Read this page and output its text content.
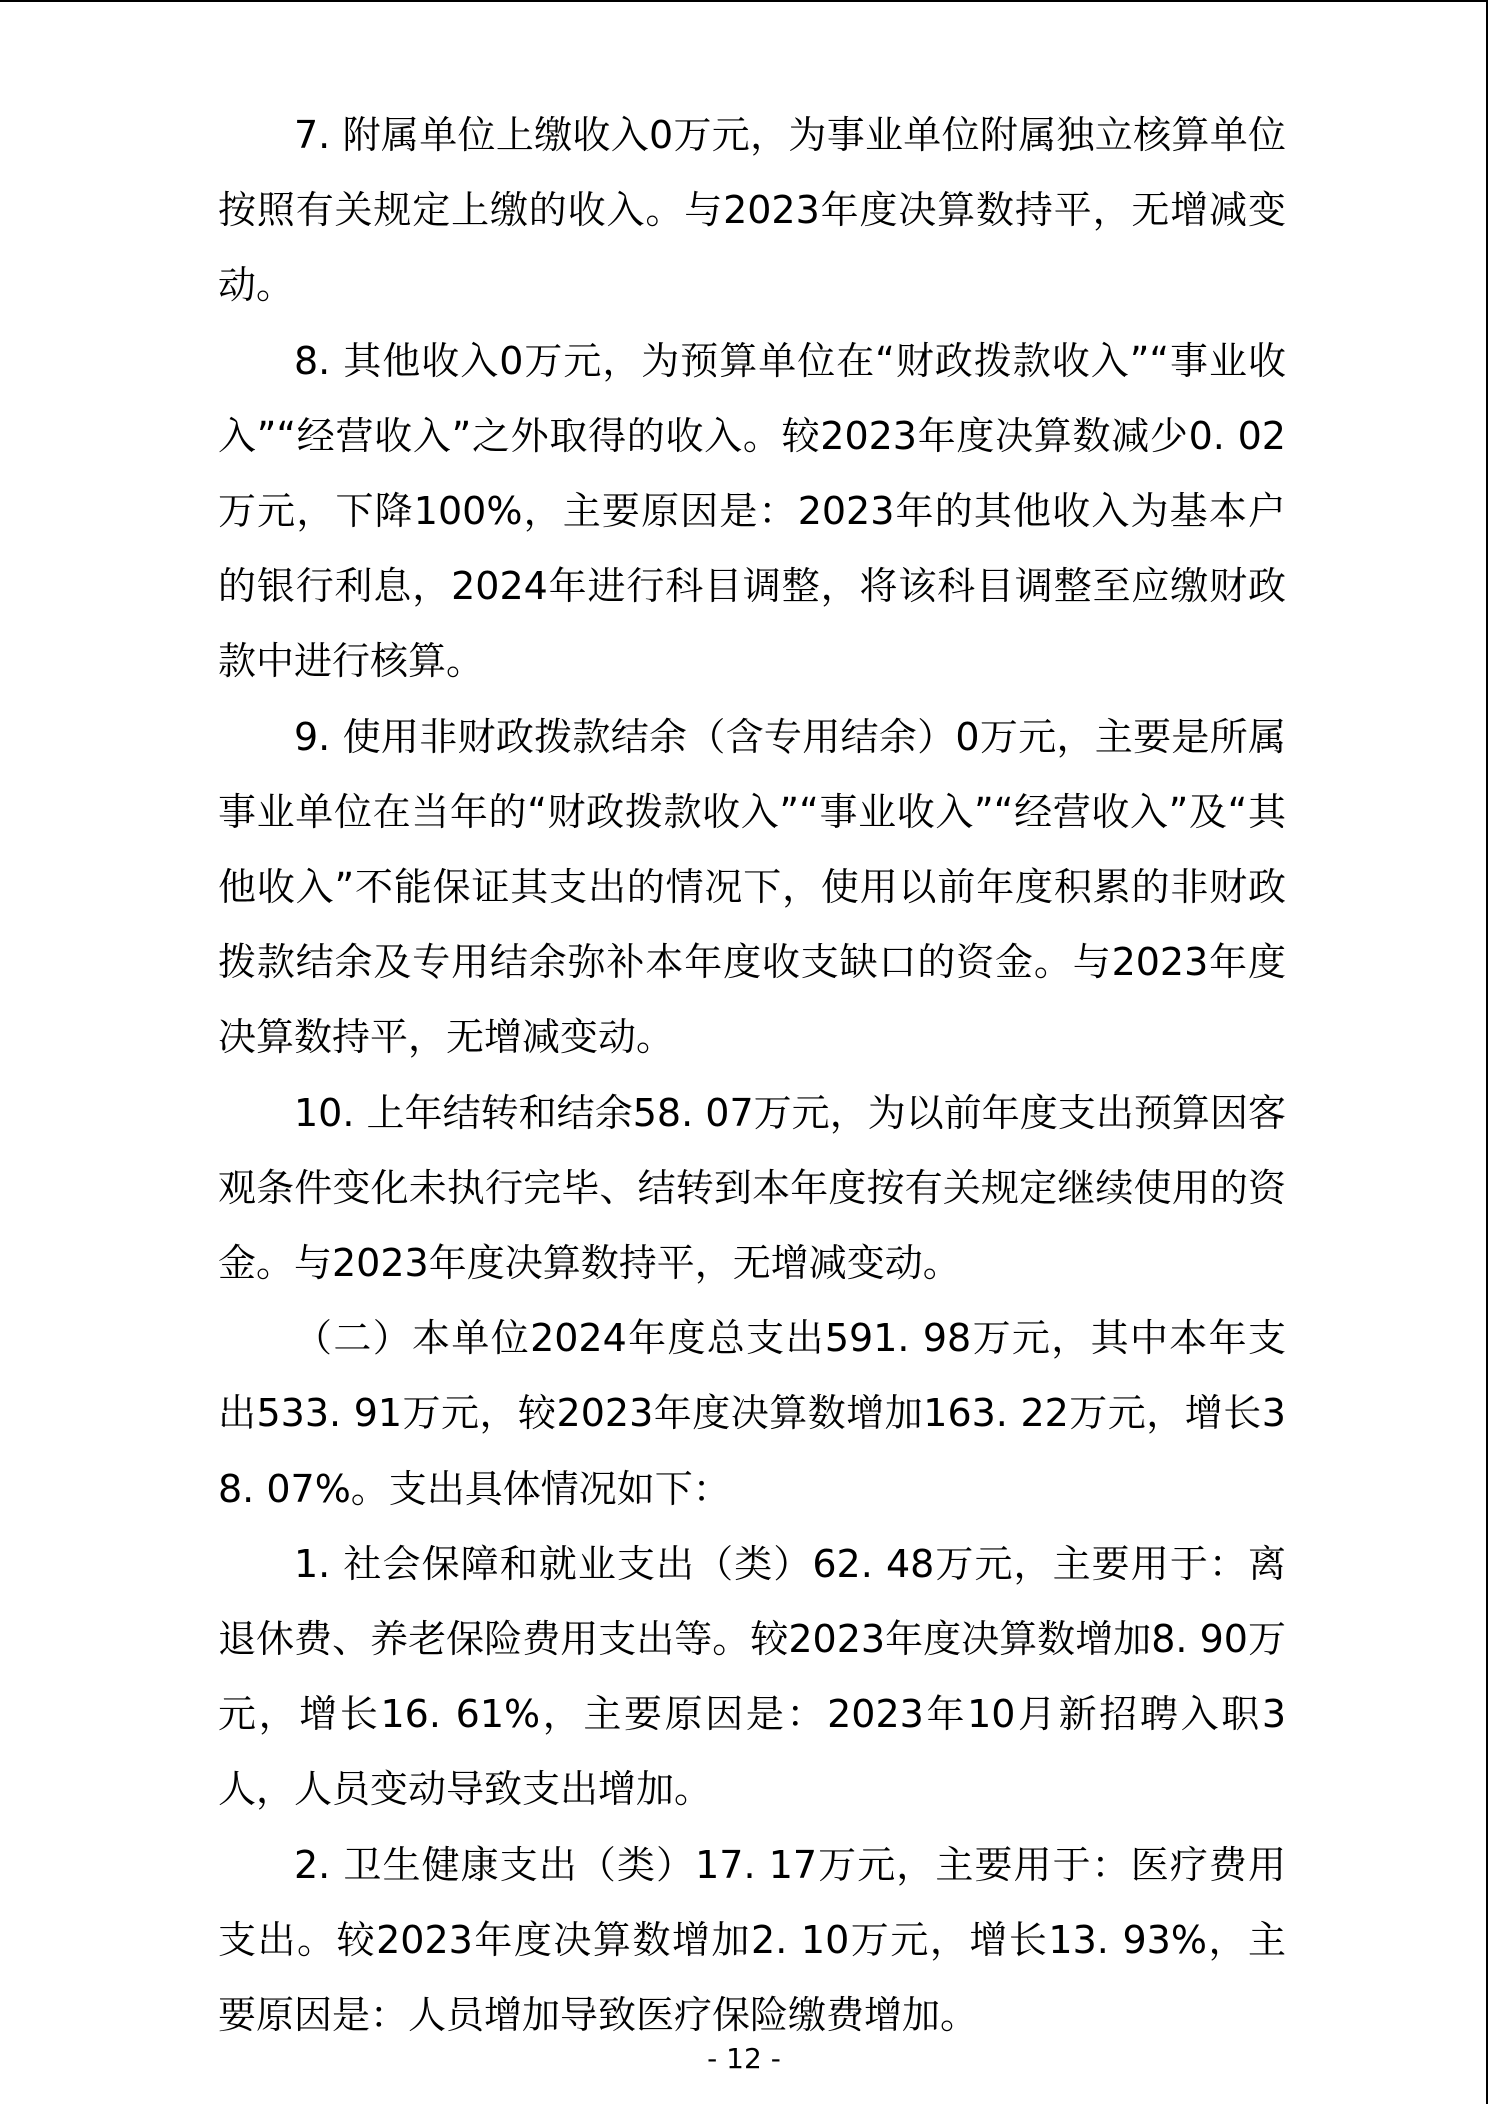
7. 附属单位上缴收入0万元，为事业单位附属独立核算单位按照有关规定上缴的收入。与2023年度决算数持平，无增减变动。

8. 其他收入0万元，为预算单位在“财政拨款收入”“事业收入”“经营收入”之外取得的收入。较2023年度决算数减少0. 02万元，下降100%，主要原因是：2023年的其他收入为基本户的银行利息，2024年进行科目调整，将该科目调整至应缴财政款中进行核算。

9. 使用非财政拨款结余（含专用结余）0万元，主要是所属事业单位在当年的“财政拨款收入”“事业收入”“经营收入”及“其他收入”不能保证其支出的情况下，使用以前年度积累的非财政拨款结余及专用结余弥补本年度收支缺口的资金。与2023年度决算数持平，无增减变动。

10. 上年结转和结余58. 07万元，为以前年度支出预算因客观条件变化未执行完毕、结转到本年度按有关规定继续使用的资金。与2023年度决算数持平，无增减变动。

（二）本单位2024年度总支出591. 98万元，其中本年支出533. 91万元，较2023年度决算数增加163. 22万元，增长38. 07%。支出具体情况如下：

1. 社会保障和就业支出（类）62. 48万元，主要用于：离退休费、养老保险费用支出等。较2023年度决算数增加8. 90万元，增长16. 61%，主要原因是：2023年10月新招聘入职3人，人员变动导致支出增加。

2. 卫生健康支出（类）17. 17万元，主要用于：医疗费用支出。较2023年度决算数增加2. 10万元，增长13. 93%，主要原因是：人员增加导致医疗保险缴费增加。

- 12 -
